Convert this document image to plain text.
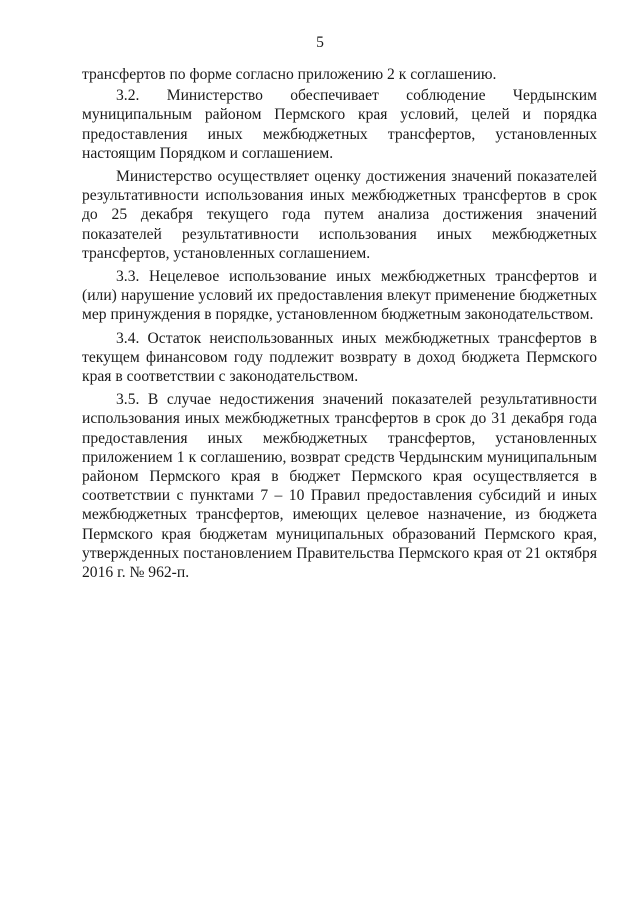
5

трансфертов по форме согласно приложению 2 к соглашению.

3.2. Министерство обеспечивает соблюдение Чердынским муниципальным районом Пермского края условий, целей и порядка предоставления иных межбюджетных трансфертов, установленных настоящим Порядком и соглашением.

Министерство осуществляет оценку достижения значений показателей результативности использования иных межбюджетных трансфертов в срок до 25 декабря текущего года путем анализа достижения значений показателей результативности использования иных межбюджетных трансфертов, установленных соглашением.

3.3. Нецелевое использование иных межбюджетных трансфертов и (или) нарушение условий их предоставления влекут применение бюджетных мер принуждения в порядке, установленном бюджетным законодательством.

3.4. Остаток неиспользованных иных межбюджетных трансфертов в текущем финансовом году подлежит возврату в доход бюджета Пермского края в соответствии с законодательством.

3.5. В случае недостижения значений показателей результативности использования иных межбюджетных трансфертов в срок до 31 декабря года предоставления иных межбюджетных трансфертов, установленных приложением 1 к соглашению, возврат средств Чердынским муниципальным районом Пермского края в бюджет Пермского края осуществляется в соответствии с пунктами 7 – 10 Правил предоставления субсидий и иных межбюджетных трансфертов, имеющих целевое назначение, из бюджета Пермского края бюджетам муниципальных образований Пермского края, утвержденных постановлением Правительства Пермского края от 21 октября 2016 г. № 962-п.
